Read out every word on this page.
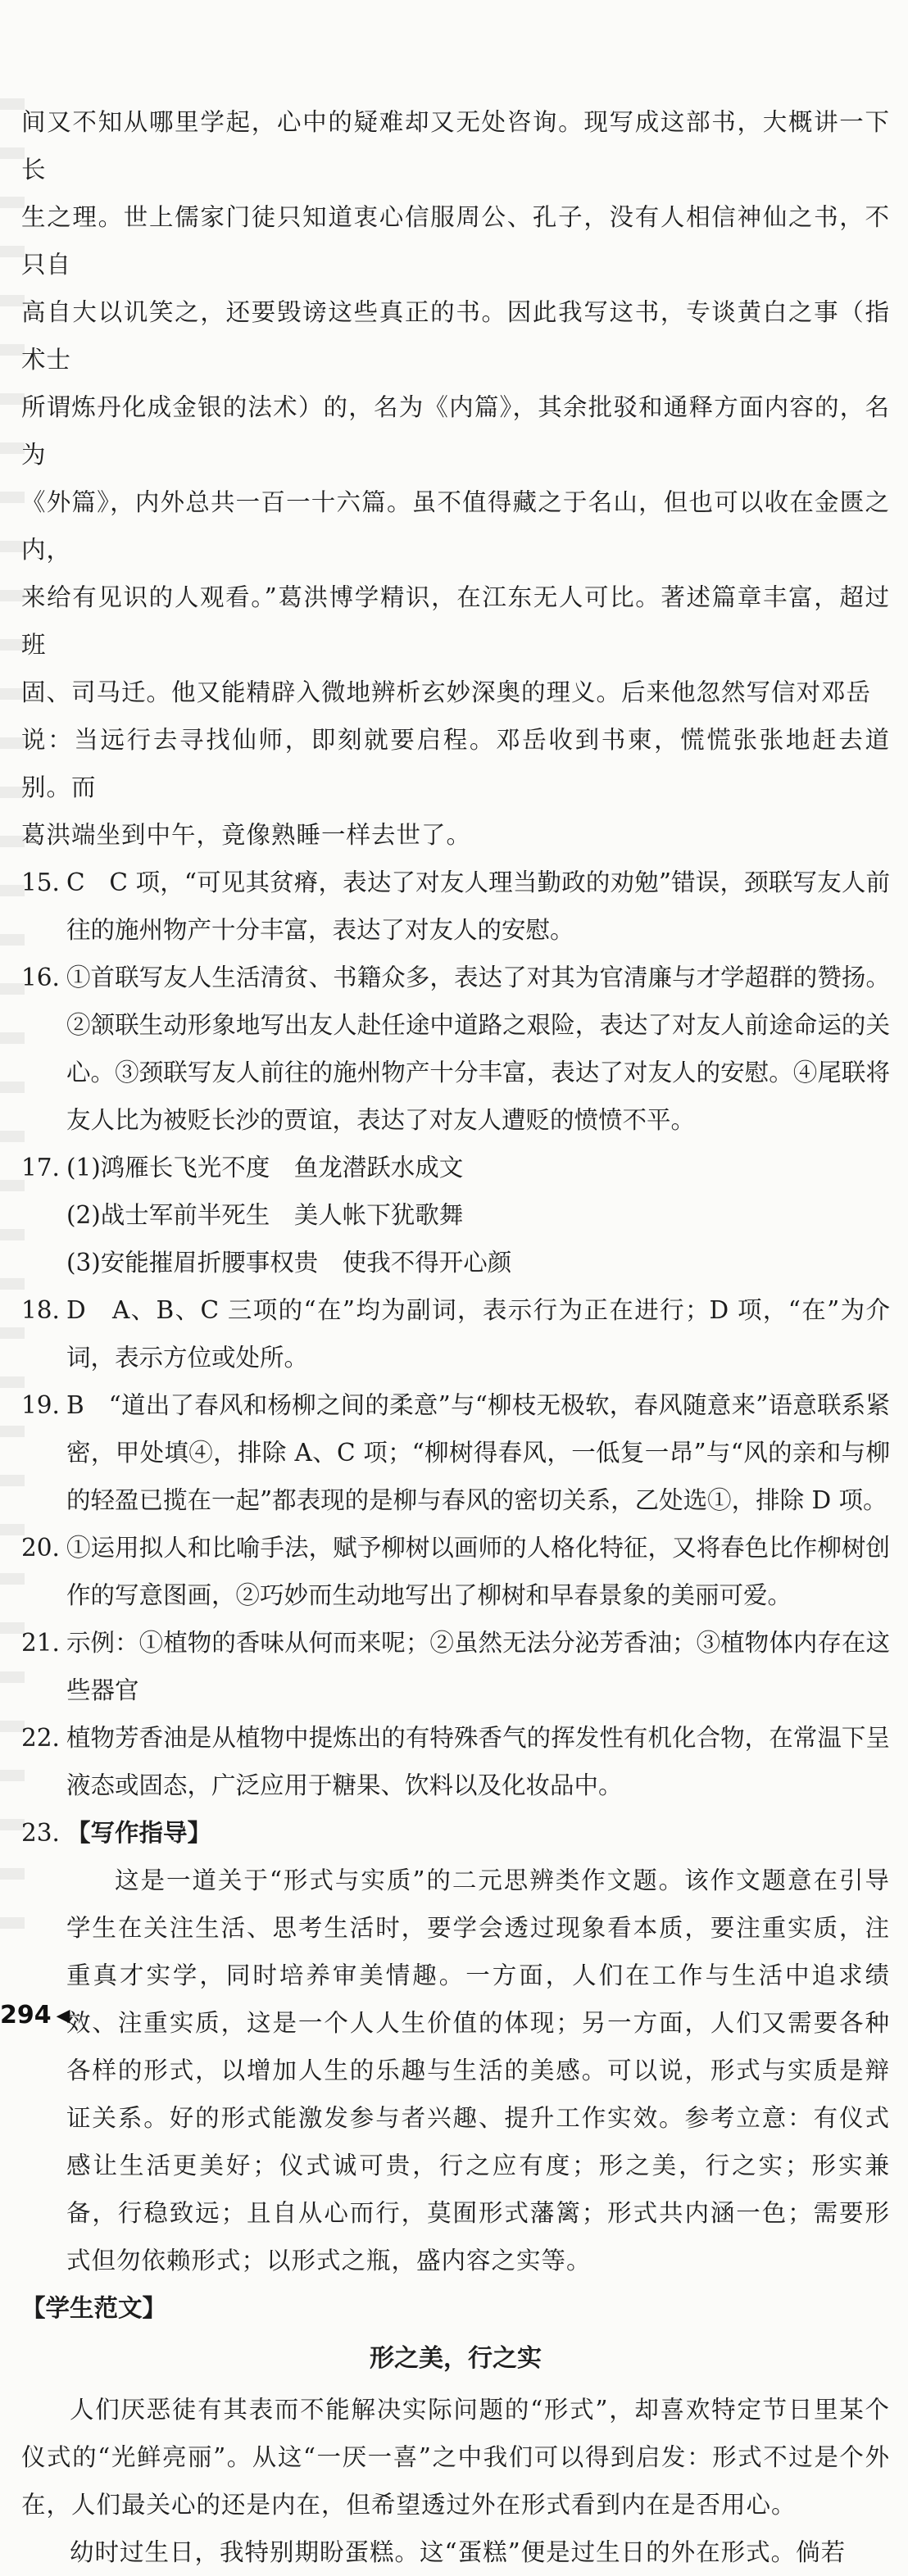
间又不知从哪里学起，心中的疑难却又无处咨询。现写成这部书，大概讲一下长

生之理。世上儒家门徒只知道衷心信服周公、孔子，没有人相信神仙之书，不只自

高自大以讥笑之，还要毁谤这些真正的书。因此我写这书，专谈黄白之事（指术士

所谓炼丹化成金银的法术）的，名为《内篇》，其余批驳和通释方面内容的，名为

《外篇》，内外总共一百一十六篇。虽不值得藏之于名山，但也可以收在金匮之内，

来给有见识的人观看。”葛洪博学精识，在江东无人可比。著述篇章丰富，超过班

固、司马迁。他又能精辟入微地辨析玄妙深奥的理义。后来他忽然写信对邓岳

说：当远行去寻找仙师，即刻就要启程。邓岳收到书柬，慌慌张张地赶去道别。而

葛洪端坐到中午，竟像熟睡一样去世了。

15. C　C 项，“可见其贫瘠，表达了对友人理当勤政的劝勉”错误，颈联写友人前往的施州物产十分丰富，表达了对友人的安慰。
16. ①首联写友人生活清贫、书籍众多，表达了对其为官清廉与才学超群的赞扬。②颔联生动形象地写出友人赴任途中道路之艰险，表达了对友人前途命运的关心。③颈联写友人前往的施州物产十分丰富，表达了对友人的安慰。④尾联将友人比为被贬长沙的贾谊，表达了对友人遭贬的愤愤不平。
17. (1)鸿雁长飞光不度　鱼龙潜跃水成文
(2)战士军前半死生　美人帐下犹歌舞
(3)安能摧眉折腰事权贵　使我不得开心颜
18. D　A、B、C 三项的“在”均为副词，表示行为正在进行；D 项，“在”为介词，表示方位或处所。
19. B　“道出了春风和杨柳之间的柔意”与“柳枝无极软，春风随意来”语意联系紧密，甲处填④，排除 A、C 项；“柳树得春风，一低复一昂”与“风的亲和与柳的轻盈已揽在一起”都表现的是柳与春风的密切关系，乙处选①，排除 D 项。
20. ①运用拟人和比喻手法，赋予柳树以画师的人格化特征，又将春色比作柳树创作的写意图画，②巧妙而生动地写出了柳树和早春景象的美丽可爱。
21. 示例：①植物的香味从何而来呢；②虽然无法分泌芳香油；③植物体内存在这些器官
22. 植物芳香油是从植物中提炼出的有特殊香气的挥发性有机化合物，在常温下呈液态或固态，广泛应用于糖果、饮料以及化妆品中。
23. 【写作指导】

这是一道关于“形式与实质”的二元思辨类作文题。该作文题意在引导学生在关注生活、思考生活时，要学会透过现象看本质，要注重实质，注重真才实学，同时培养审美情趣。一方面，人们在工作与生活中追求绩效、注重实质，这是一个人人生价值的体现；另一方面，人们又需要各种各样的形式，以增加人生的乐趣与生活的美感。可以说，形式与实质是辩证关系。好的形式能激发参与者兴趣、提升工作实效。参考立意：有仪式感让生活更美好；仪式诚可贵，行之应有度；形之美，行之实；形实兼备，行稳致远；且自从心而行，莫囿形式藩篱；形式共内涵一色；需要形式但勿依赖形式；以形式之瓶，盛内容之实等。

【学生范文】
形之美，行之实

人们厌恶徒有其表而不能解决实际问题的“形式”，却喜欢特定节日里某个仪式的“光鲜亮丽”。从这“一厌一喜”之中我们可以得到启发：形式不过是个外在，人们最关心的还是内在，但希望透过外在形式看到内在是否用心。

幼时过生日，我特别期盼蛋糕。这“蛋糕”便是过生日的外在形式。倘若

294 ◀
